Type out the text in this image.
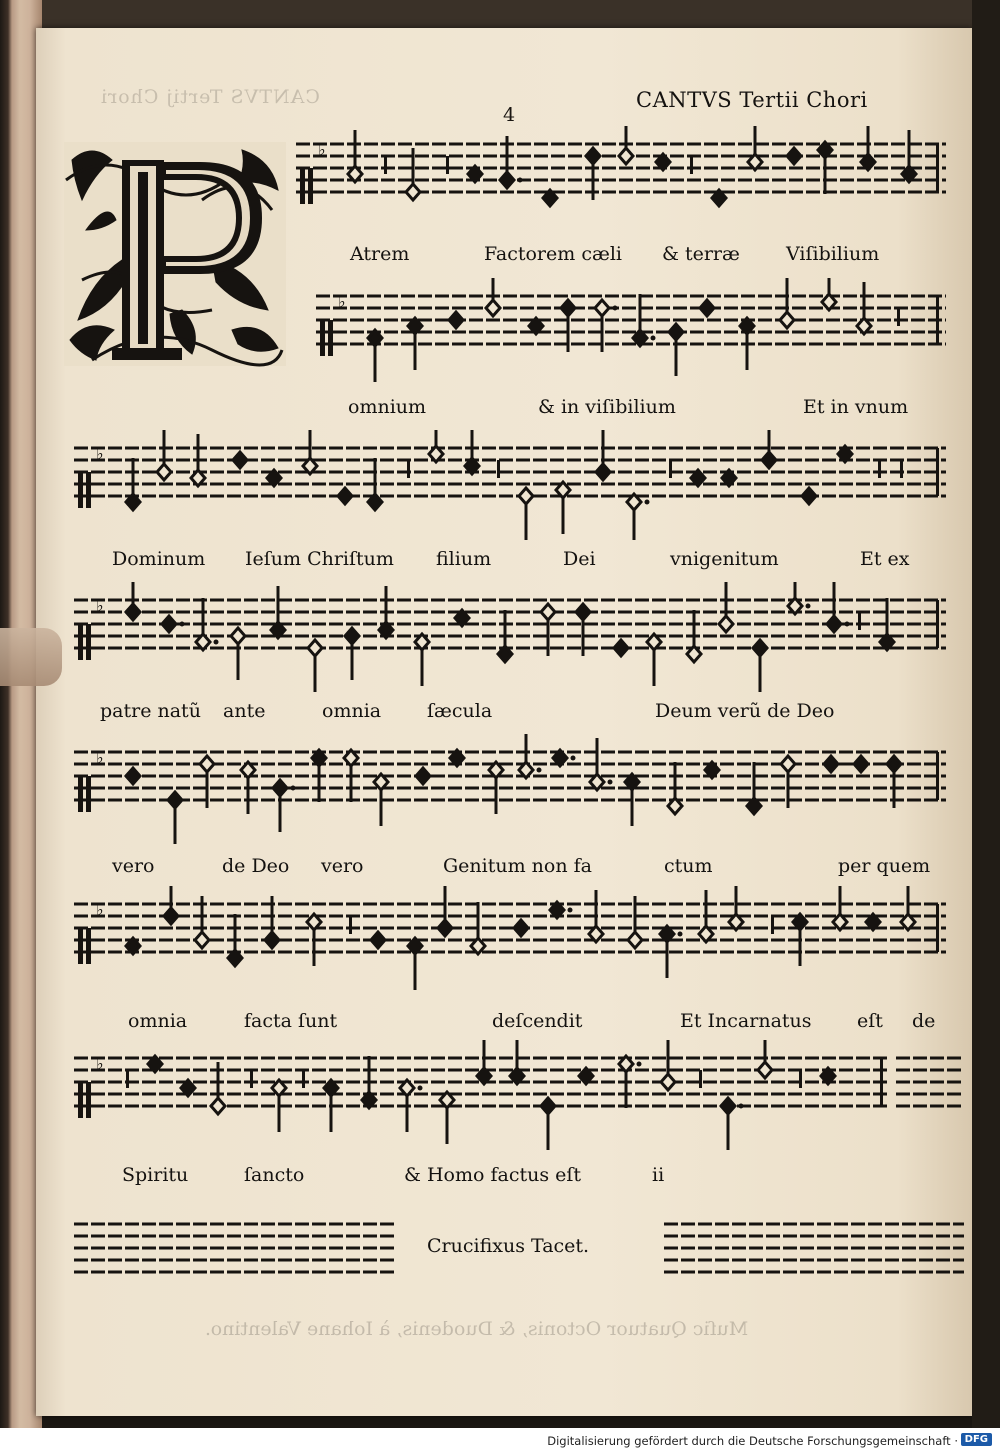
CANTVS Tertij Chori
Muſic Quatuor Octonis, & Duodenis, à Iohane Valentino.
4
CANTVS Tertii Chori
♭
♭
♭
♭
♭
♭
♭
Atrem	Factorem cæli & terræ Viſibilium
omnium	& in viſibilium	Et in vnum
Dominum Ieſum Chriſtum filium	Dei	vnigenitum	Et ex
patre natũ ante	omnia ſæcula	Deum verũ de Deo
vero	de Deo vero	Genitum non fa	ctum	per quem
omnia	facta ſunt	deſcendit	Et Incarnatus eſt de
Spiritu	ſancto	& Homo factus eſt	ii
Crucifixus Tacet.
Digitalisierung gefördert durch die Deutsche Forschungsgemeinschaft · DFG
